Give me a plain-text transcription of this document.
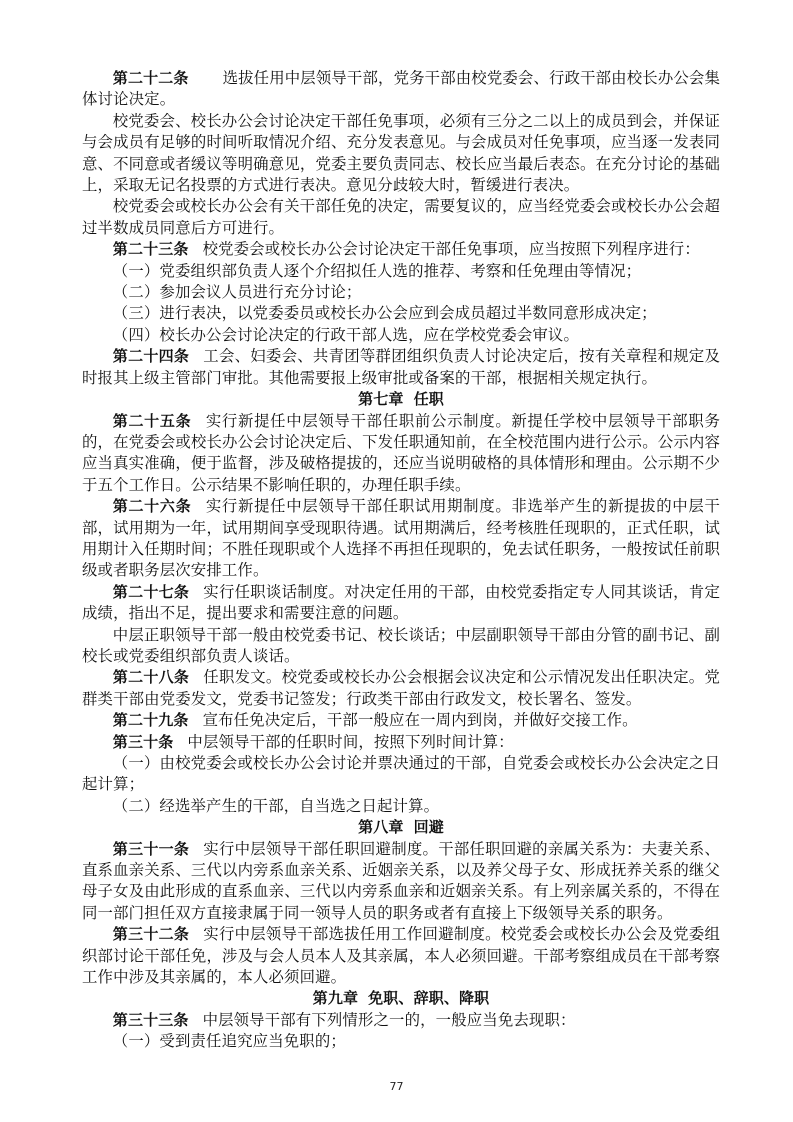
第二十二条 选拔任用中层领导干部，党务干部由校党委会、行政干部由校长办公会集体讨论决定。

校党委会、校长办公会讨论决定干部任免事项，必须有三分之二以上的成员到会，并保证与会成员有足够的时间听取情况介绍、充分发表意见。与会成员对任免事项，应当逐一发表同意、不同意或者缓议等明确意见，党委主要负责同志、校长应当最后表态。在充分讨论的基础上，采取无记名投票的方式进行表决。意见分歧较大时，暂缓进行表决。

校党委会或校长办公会有关干部任免的决定，需要复议的，应当经党委会或校长办公会超过半数成员同意后方可进行。

第二十三条 校党委会或校长办公会讨论决定干部任免事项，应当按照下列程序进行：

（一）党委组织部负责人逐个介绍拟任人选的推荐、考察和任免理由等情况；

（二）参加会议人员进行充分讨论；

（三）进行表决，以党委委员或校长办公会应到会成员超过半数同意形成决定；

（四）校长办公会讨论决定的行政干部人选，应在学校党委会审议。

第二十四条 工会、妇委会、共青团等群团组织负责人讨论决定后，按有关章程和规定及时报其上级主管部门审批。其他需要报上级审批或备案的干部，根据相关规定执行。

第七章 任职

第二十五条 实行新提任中层领导干部任职前公示制度。新提任学校中层领导干部职务的，在党委会或校长办公会讨论决定后、下发任职通知前，在全校范围内进行公示。公示内容应当真实准确，便于监督，涉及破格提拔的，还应当说明破格的具体情形和理由。公示期不少于五个工作日。公示结果不影响任职的，办理任职手续。

第二十六条 实行新提任中层领导干部任职试用期制度。非选举产生的新提拔的中层干部，试用期为一年，试用期间享受现职待遇。试用期满后，经考核胜任现职的，正式任职，试用期计入任期时间；不胜任现职或个人选择不再担任现职的，免去试任职务，一般按试任前职级或者职务层次安排工作。

第二十七条 实行任职谈话制度。对决定任用的干部，由校党委指定专人同其谈话，肯定成绩，指出不足，提出要求和需要注意的问题。

中层正职领导干部一般由校党委书记、校长谈话；中层副职领导干部由分管的副书记、副校长或党委组织部负责人谈话。

第二十八条 任职发文。校党委或校长办公会根据会议决定和公示情况发出任职决定。党群类干部由党委发文，党委书记签发；行政类干部由行政发文，校长署名、签发。

第二十九条 宣布任免决定后，干部一般应在一周内到岗，并做好交接工作。

第三十条 中层领导干部的任职时间，按照下列时间计算：

（一）由校党委会或校长办公会讨论并票决通过的干部，自党委会或校长办公会决定之日起计算；

（二）经选举产生的干部，自当选之日起计算。

第八章 回避

第三十一条 实行中层领导干部任职回避制度。干部任职回避的亲属关系为：夫妻关系、直系血亲关系、三代以内旁系血亲关系、近姻亲关系，以及养父母子女、形成抚养关系的继父母子女及由此形成的直系血亲、三代以内旁系血亲和近姻亲关系。有上列亲属关系的，不得在同一部门担任双方直接隶属于同一领导人员的职务或者有直接上下级领导关系的职务。

第三十二条 实行中层领导干部选拔任用工作回避制度。校党委会或校长办公会及党委组织部讨论干部任免，涉及与会人员本人及其亲属，本人必须回避。干部考察组成员在干部考察工作中涉及其亲属的，本人必须回避。

第九章 免职、辞职、降职

第三十三条 中层领导干部有下列情形之一的，一般应当免去现职：

（一）受到责任追究应当免职的；

77
